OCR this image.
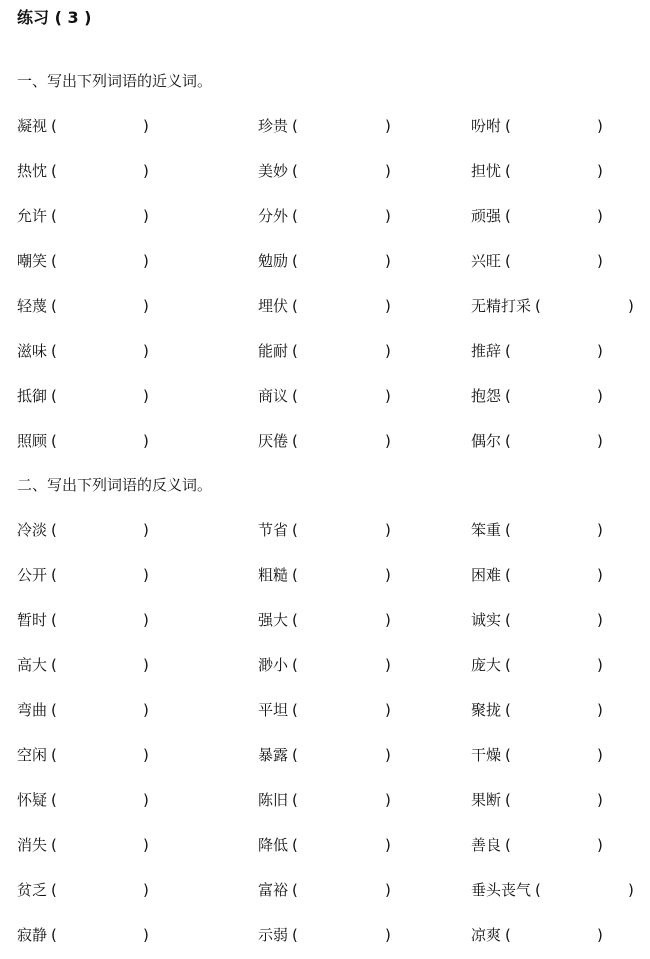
练习 ( 3 )
一、写出下列词语的近义词。
凝视 (	)	珍贵 (	)	吩咐 (	)
热忱 (	)	美妙 (	)	担忧 (	)
允许 (	)	分外 (	)	顽强 (	)
嘲笑 (	)	勉励 (	)	兴旺 (	)
轻蔑 (	)	埋伏 (	)	无精打采 (	)
滋味 (	)	能耐 (	)	推辞 (	)
抵御 (	)	商议 (	)	抱怨 (	)
照顾 (	)	厌倦 (	)	偶尔 (	)
二、写出下列词语的反义词。
冷淡 (	)	节省 (	)	笨重 (	)
公开 (	)	粗糙 (	)	困难 (	)
暂时 (	)	强大 (	)	诚实 (	)
高大 (	)	渺小 (	)	庞大 (	)
弯曲 (	)	平坦 (	)	聚拢 (	)
空闲 (	)	暴露 (	)	干燥 (	)
怀疑 (	)	陈旧 (	)	果断 (	)
消失 (	)	降低 (	)	善良 (	)
贫乏 (	)	富裕 (	)	垂头丧气 (	)
寂静 (	)	示弱 (	)	凉爽 (	)
